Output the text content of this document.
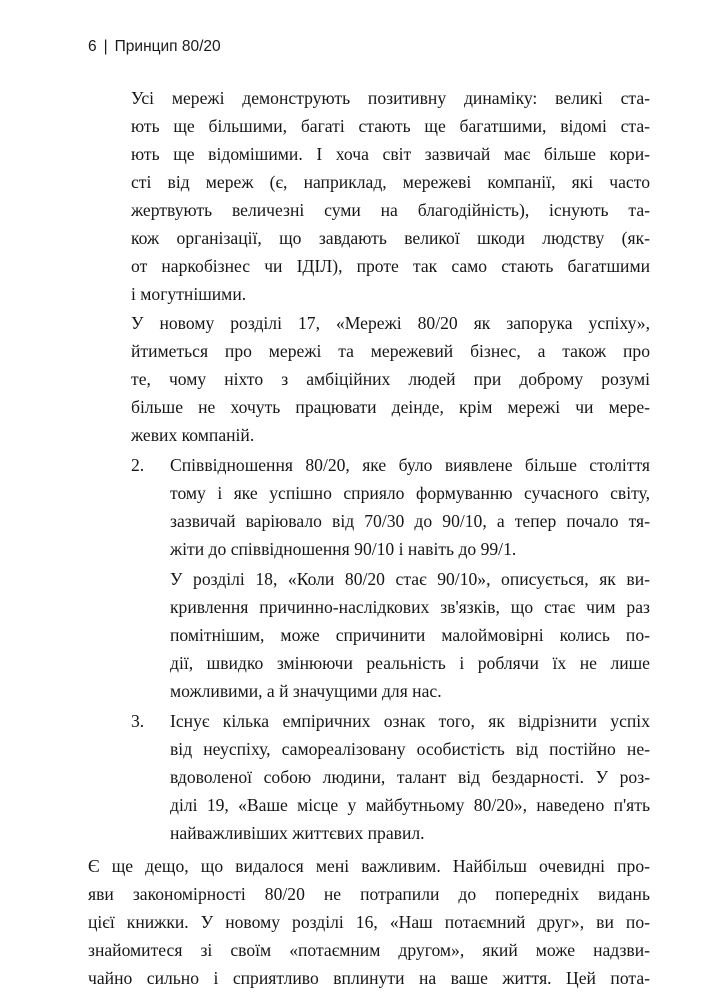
6 | Принцип 80/20
Усі мережі демонструють позитивну динаміку: великі ста-
ють ще більшими, багаті стають ще багатшими, відомі ста-
ють ще відомішими. І хоча світ зазвичай має більше кори-
сті від мереж (є, наприклад, мережеві компанії, які часто
жертвують величезні суми на благодійність), існують та-
кож організації, що завдають великої шкоди людству (як-
от наркобізнес чи ІДІЛ), проте так само стають багатшими
і могутнішими.
У новому розділі 17, «Мережі 80/20 як запорука успіху»,
йтиметься про мережі та мережевий бізнес, а також про
те, чому ніхто з амбіційних людей при доброму розумі
більше не хочуть працювати деінде, крім мережі чи мере-
жевих компаній.
2. Співвідношення 80/20, яке було виявлене більше століття
тому і яке успішно сприяло формуванню сучасного світу,
зазвичай варіювало від 70/30 до 90/10, а тепер почало тя-
жіти до співвідношення 90/10 і навіть до 99/1.
У розділі 18, «Коли 80/20 стає 90/10», описується, як ви-
кривлення причинно-наслідкових зв'язків, що стає чим раз
помітнішим, може спричинити малоймовірні колись по-
дії, швидко змінюючи реальність і роблячи їх не лише
можливими, а й значущими для нас.
3. Існує кілька емпіричних ознак того, як відрізнити успіх
від неуспіху, самореалізовану особистість від постійно не-
вдоволеної собою людини, талант від бездарності. У роз-
ділі 19, «Ваше місце у майбутньому 80/20», наведено п'ять
найважливіших життєвих правил.
Є ще дещо, що видалося мені важливим. Найбільш очевидні про-
яви закономірності 80/20 не потрапили до попередніх видань
цієї книжки. У новому розділі 16, «Наш потаємний друг», ви по-
знайомитеся зі своїм «потаємним другом», який може надзви-
чайно сильно і сприятливо вплинути на ваше життя. Цей пота-
